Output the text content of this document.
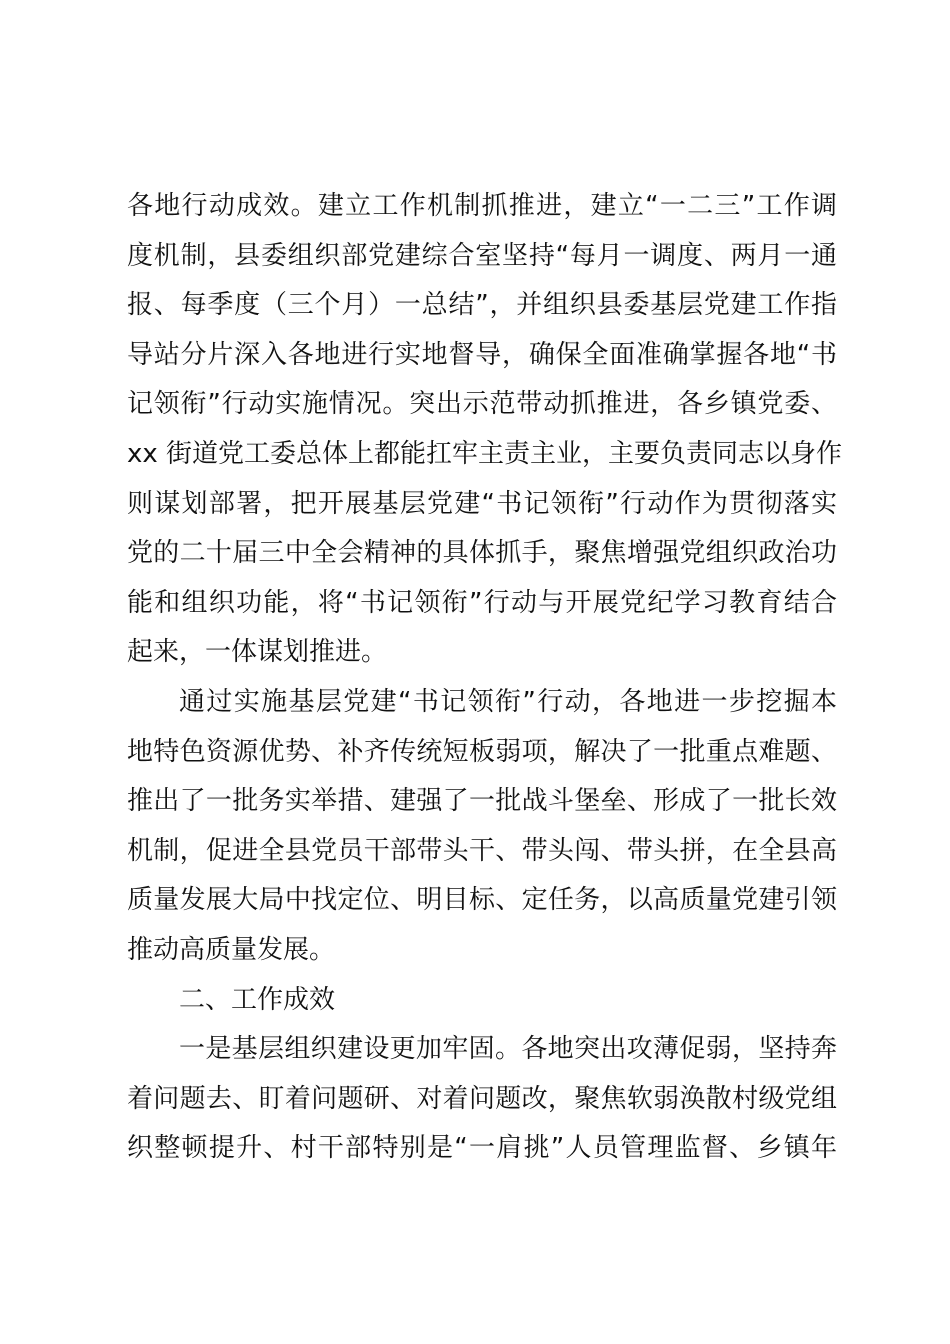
各地行动成效。建立工作机制抓推进，建立“一二三”工作调
度机制，县委组织部党建综合室坚持“每月一调度、两月一通
报、每季度（三个月）一总结”，并组织县委基层党建工作指
导站分片深入各地进行实地督导，确保全面准确掌握各地“书
记领衔”行动实施情况。突出示范带动抓推进，各乡镇党委、
xx 街道党工委总体上都能扛牢主责主业，主要负责同志以身作
则谋划部署，把开展基层党建“书记领衔”行动作为贯彻落实
党的二十届三中全会精神的具体抓手，聚焦增强党组织政治功
能和组织功能，将“书记领衔”行动与开展党纪学习教育结合
起来，一体谋划推进。

通过实施基层党建“书记领衔”行动，各地进一步挖掘本
地特色资源优势、补齐传统短板弱项，解决了一批重点难题、
推出了一批务实举措、建强了一批战斗堡垒、形成了一批长效
机制，促进全县党员干部带头干、带头闯、带头拼，在全县高
质量发展大局中找定位、明目标、定任务，以高质量党建引领
推动高质量发展。

二、工作成效

一是基层组织建设更加牢固。各地突出攻薄促弱，坚持奔
着问题去、盯着问题研、对着问题改，聚焦软弱涣散村级党组
织整顿提升、村干部特别是“一肩挑”人员管理监督、乡镇年
